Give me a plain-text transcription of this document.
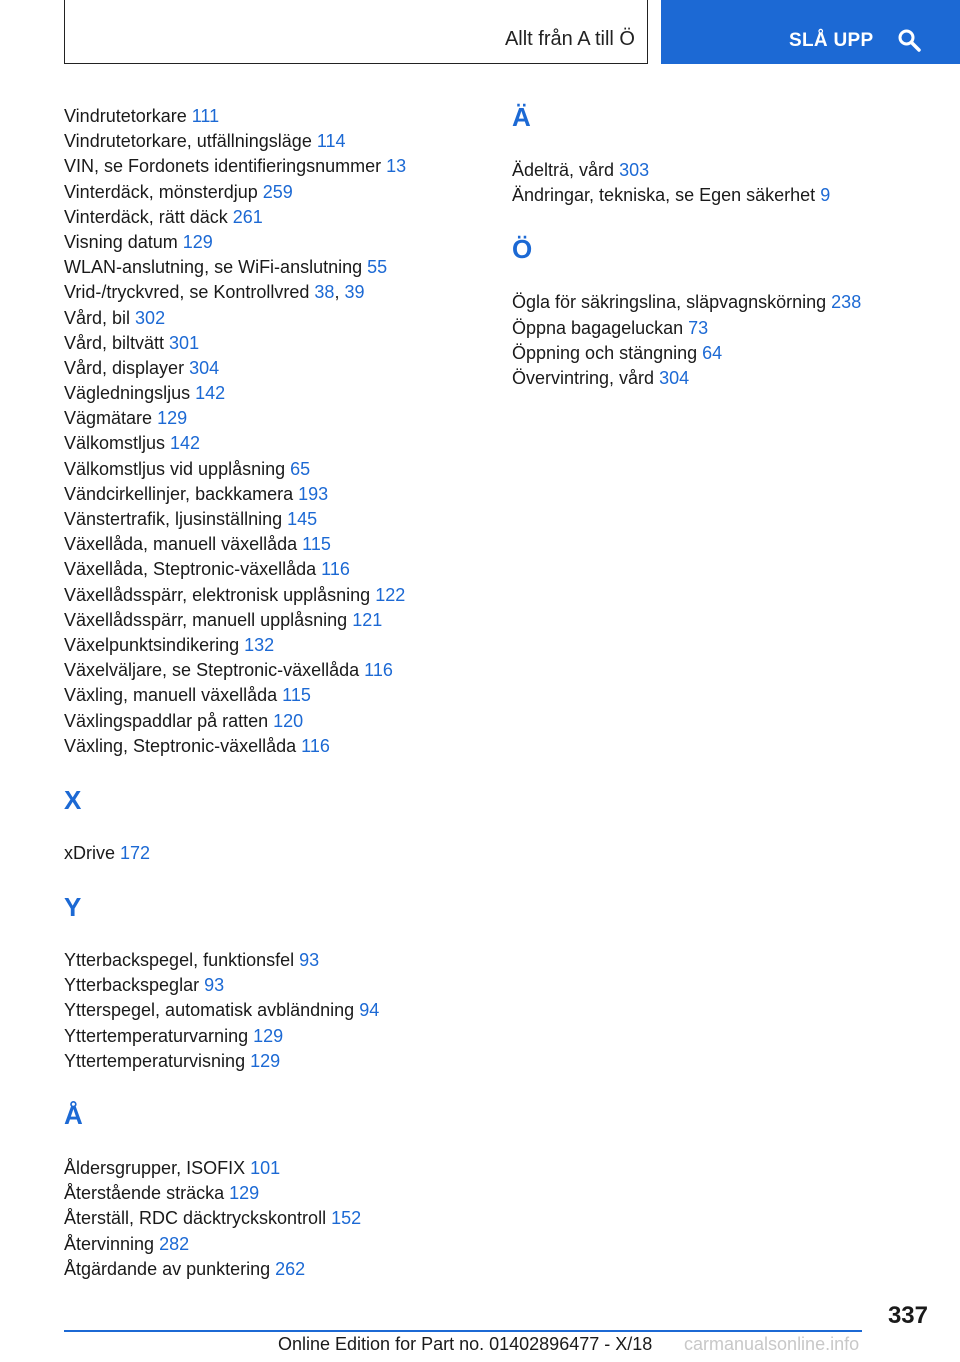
Allt från A till Ö	SLÅ UPP
Vindrutetorkare 111
Vindrutetorkare, utfällningsläge 114
VIN, se Fordonets identifieringsnummer 13
Vinterdäck, mönsterdjup 259
Vinterdäck, rätt däck 261
Visning datum 129
WLAN-anslutning, se WiFi-anslutning 55
Vrid-/tryckvred, se Kontrollvred 38, 39
Vård, bil 302
Vård, biltvätt 301
Vård, displayer 304
Vägledningsljus 142
Vägmätare 129
Välkomstljus 142
Välkomstljus vid upplåsning 65
Vändcirkellinjer, backkamera 193
Vänstertrafik, ljusinställning 145
Växellåda, manuell växellåda 115
Växellåda, Steptronic-växellåda 116
Växellådsspärr, elektronisk upplåsning 122
Växellådsspärr, manuell upplåsning 121
Växelpunktsindikering 132
Växelväljare, se Steptronic-växellåda 116
Växling, manuell växellåda 115
Växlingspaddlar på ratten 120
Växling, Steptronic-växellåda 116
X
xDrive 172
Y
Ytterbackspegel, funktionsfel 93
Ytterbackspeglar 93
Ytterspegel, automatisk avbländning 94
Yttertemperaturvarning 129
Yttertemperaturvisning 129
Å
Åldersgrupper, ISOFIX 101
Återstående sträcka 129
Återställ, RDC däcktryckskontroll 152
Återvinning 282
Åtgärdande av punktering 262
Ä
Ädelträ, vård 303
Ändringar, tekniska, se Egen säkerhet 9
Ö
Ögla för säkringslina, släpvagnskörning 238
Öppna bagageluckan 73
Öppning och stängning 64
Övervintring, vård 304
337
Online Edition for Part no. 01402896477 - X/18 carmanualsonline.info
